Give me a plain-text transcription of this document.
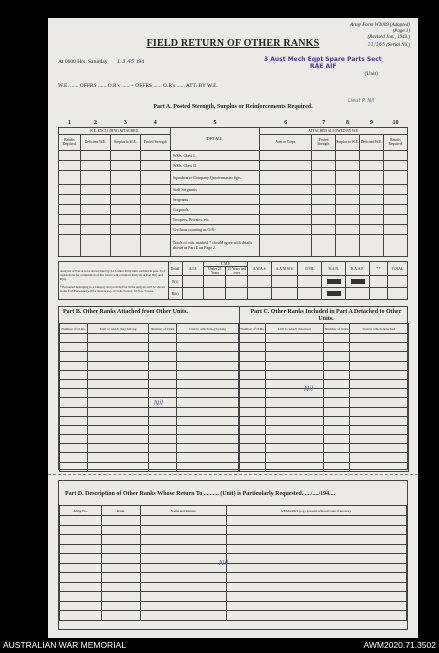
Army Form W3009 (Adapted)
(Page 1)
(Revised Jan., 1943.)
11/165 (Serial No.)
FIELD RETURN OF OTHER RANKS
At 0600 Hrs. Saturday 1.3.45 194	3 Aust Mech Eqpt Spare Parts Sect
RAE AIF
(Unit)
W.E. ...... OFFRS ...... O.R's ...... + OFFRS ...... O.R's ...... ATT. BY W.E.
Part A. Posted Strength, Surplus or Reinforcements Required.
1	2	3	4	5	6	7	8	9	10
W.E. EXCLUDING ATTACHED.				DETAIL.	ATTACHED ALLOWED BY W.E.				
Reinfts Required.	Deficient W.E.	Surplus to W.E.	Posted Strength		Arm or Corps.	Posted Strength.	Surplus to W.E.	Deficient W.E.	Reinfts Required.
				W.Os. Class I.					
				W.Os. Class II.					
				Squadron or Company Quartermaster Sgts.					
				Staff Sergeants					
				Sergeants					
				Corporals					
				Troopers, Privates, etc.					
				Civilians counting as O.R.					
				Totals of cols. marked * should agree with details shown in Part E on Page 2.					
Analysis of Part A to be shown here by ALL units. Only units entitled in para. 9 of instructions for compilation of this return will complete analysis of Part B(i) and B(ii).

* Personnel belonging to a category not provided for in the analysis will be shown in the Col. Personnel will be shown, e.g., 2/ U.K. Forces, 16 N.G. Forces.	Detail	A.I.F.	C.M.F.		A.W.A.S.	A.A.M.W.S.	CIVIL	R.A.N.	R.A.A.F.	* *	TOTAL
			Under 21 Years	21 Years and over							
	B(i)										
	B(ii)										
Part B. Other Ranks Attached from Other Units.	Part C. Other Ranks Included in Part A Detached to Other Units.
Number of O.Rs.	Unit to which they belong	Number of O.Rs.	Unit to which they belong

				Number of O.Rs.	Unit to which detached.	Number of O.Rs.	Unit to which detached.

Nil
Nil
Part D. Description of Other Ranks Whose Return To .......... (Unit) is Particularly Requested. ..../..../194....
Army No.	Rank.	Name and Initials.	REMARKS (e.g., present whereabouts if known).

Nil
Lieut P. Nil
AUSTRALIAN WAR MEMORIAL	AWM2020.71.3502
